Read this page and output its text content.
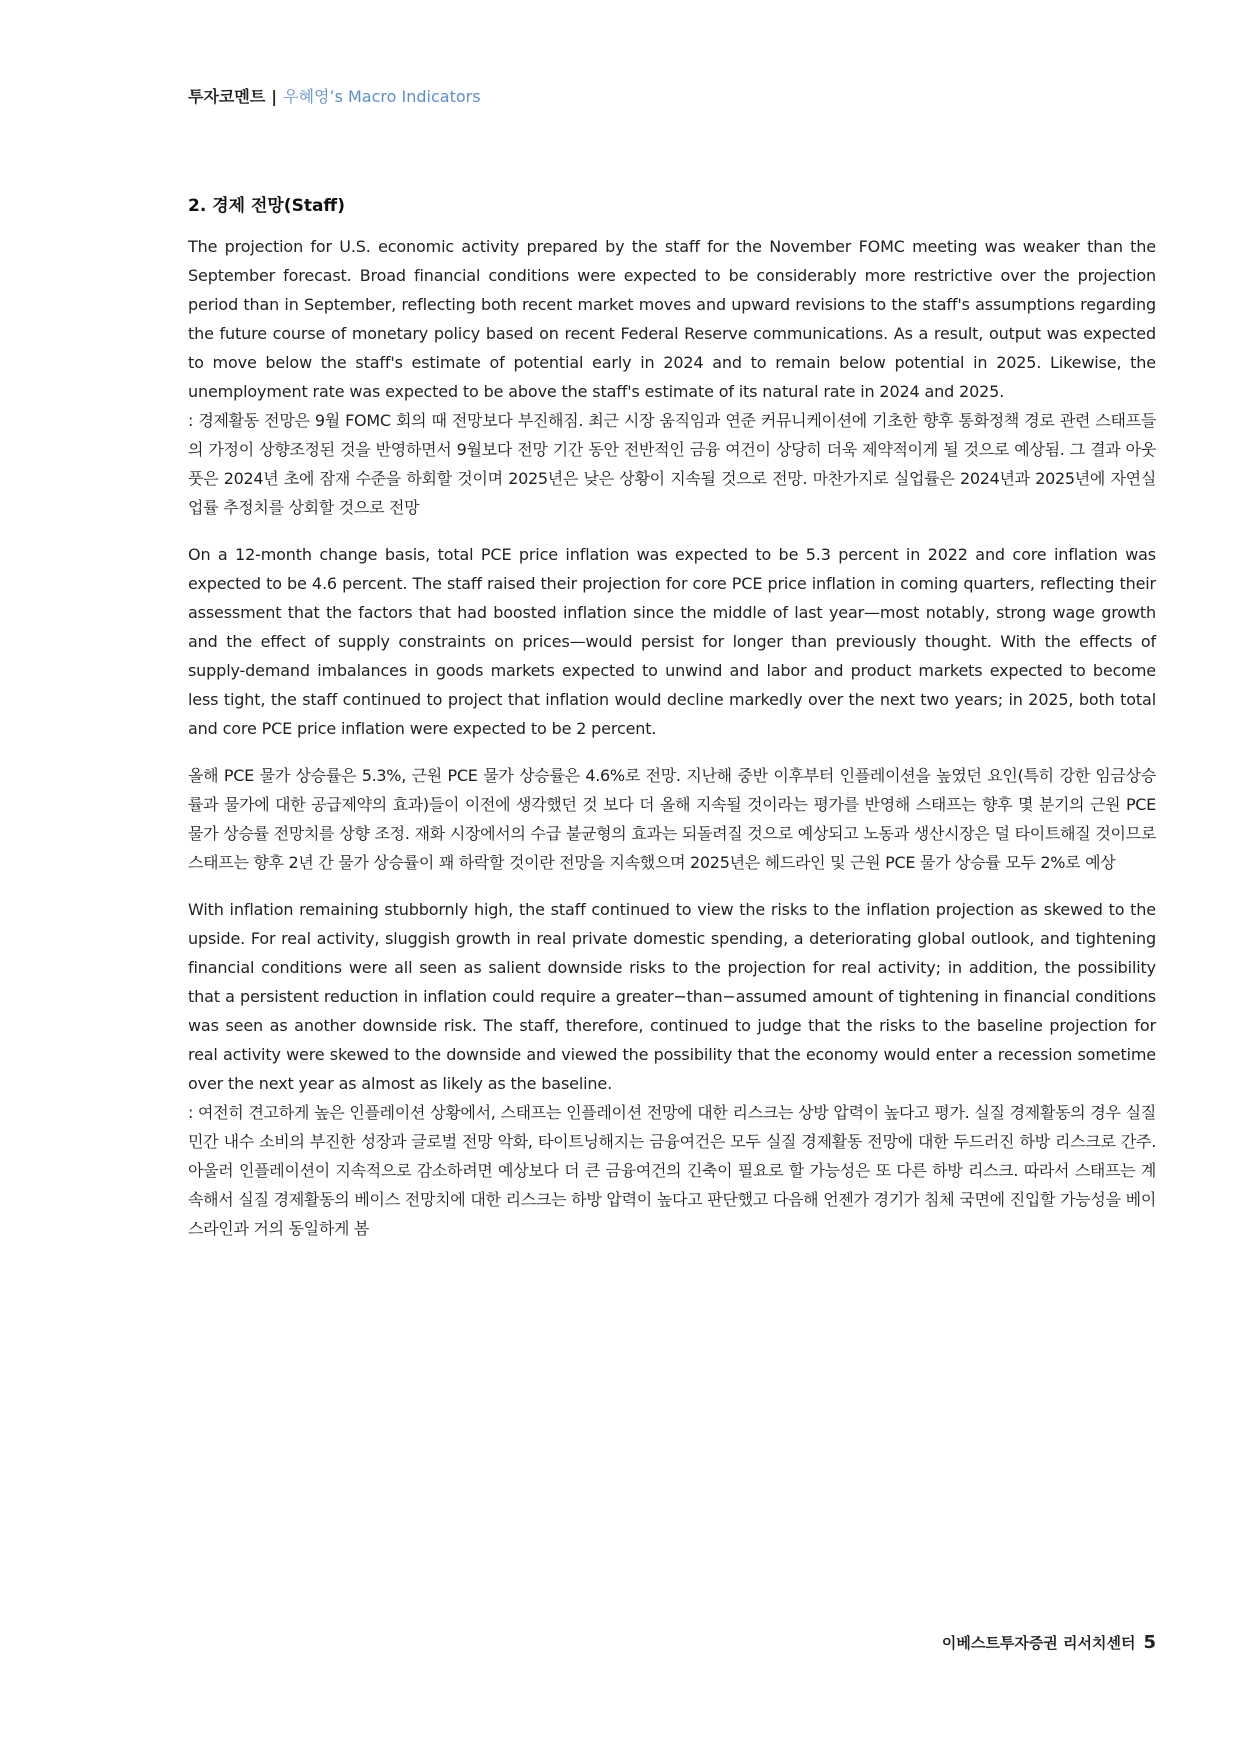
투자코멘트 | 우혜영’s Macro Indicators
2. 경제 전망(Staff)

The projection for U.S. economic activity prepared by the staff for the November FOMC meeting was weaker than the September forecast. Broad financial conditions were expected to be considerably more restrictive over the projection period than in September, reflecting both recent market moves and upward revisions to the staff's assumptions regarding the future course of monetary policy based on recent Federal Reserve communications. As a result, output was expected to move below the staff's estimate of potential early in 2024 and to remain below potential in 2025. Likewise, the unemployment rate was expected to be above the staff's estimate of its natural rate in 2024 and 2025.

: 경제활동 전망은 9월 FOMC 회의 때 전망보다 부진해짐. 최근 시장 움직임과 연준 커뮤니케이션에 기초한 향후 통화정책 경로 관련 스태프들의 가정이 상향조정된 것을 반영하면서 9월보다 전망 기간 동안 전반적인 금융 여건이 상당히 더욱 제약적이게 될 것으로 예상됨. 그 결과 아웃풋은 2024년 초에 잠재 수준을 하회할 것이며 2025년은 낮은 상황이 지속될 것으로 전망. 마찬가지로 실업률은 2024년과 2025년에 자연실업률 추정치를 상회할 것으로 전망

On a 12-month change basis, total PCE price inflation was expected to be 5.3 percent in 2022 and core inflation was expected to be 4.6 percent. The staff raised their projection for core PCE price inflation in coming quarters, reflecting their assessment that the factors that had boosted inflation since the middle of last year—most notably, strong wage growth and the effect of supply constraints on prices—would persist for longer than previously thought. With the effects of supply-demand imbalances in goods markets expected to unwind and labor and product markets expected to become less tight, the staff continued to project that inflation would decline markedly over the next two years; in 2025, both total and core PCE price inflation were expected to be 2 percent.

올해 PCE 물가 상승률은 5.3%, 근원 PCE 물가 상승률은 4.6%로 전망. 지난해 중반 이후부터 인플레이션을 높였던 요인(특히 강한 임금상승률과 물가에 대한 공급제약의 효과)들이 이전에 생각했던 것 보다 더 올해 지속될 것이라는 평가를 반영해 스태프는 향후 몇 분기의 근원 PCE 물가 상승률 전망치를 상향 조정. 재화 시장에서의 수급 불균형의 효과는 되돌려질 것으로 예상되고 노동과 생산시장은 덜 타이트해질 것이므로 스태프는 향후 2년 간 물가 상승률이 꽤 하락할 것이란 전망을 지속했으며 2025년은 헤드라인 및 근원 PCE 물가 상승률 모두 2%로 예상

With inflation remaining stubbornly high, the staff continued to view the risks to the inflation projection as skewed to the upside. For real activity, sluggish growth in real private domestic spending, a deteriorating global outlook, and tightening financial conditions were all seen as salient downside risks to the projection for real activity; in addition, the possibility that a persistent reduction in inflation could require a greater−than−assumed amount of tightening in financial conditions was seen as another downside risk. The staff, therefore, continued to judge that the risks to the baseline projection for real activity were skewed to the downside and viewed the possibility that the economy would enter a recession sometime over the next year as almost as likely as the baseline.

: 여전히 견고하게 높은 인플레이션 상황에서, 스태프는 인플레이션 전망에 대한 리스크는 상방 압력이 높다고 평가. 실질 경제활동의 경우 실질 민간 내수 소비의 부진한 성장과 글로벌 전망 악화, 타이트닝해지는 금융여건은 모두 실질 경제활동 전망에 대한 두드러진 하방 리스크로 간주. 아울러 인플레이션이 지속적으로 감소하려면 예상보다 더 큰 금융여건의 긴축이 필요로 할 가능성은 또 다른 하방 리스크. 따라서 스태프는 계속해서 실질 경제활동의 베이스 전망치에 대한 리스크는 하방 압력이 높다고 판단했고 다음해 언젠가 경기가 침체 국면에 진입할 가능성을 베이스라인과 거의 동일하게 봄

이베스트투자증권 리서치센터 5
